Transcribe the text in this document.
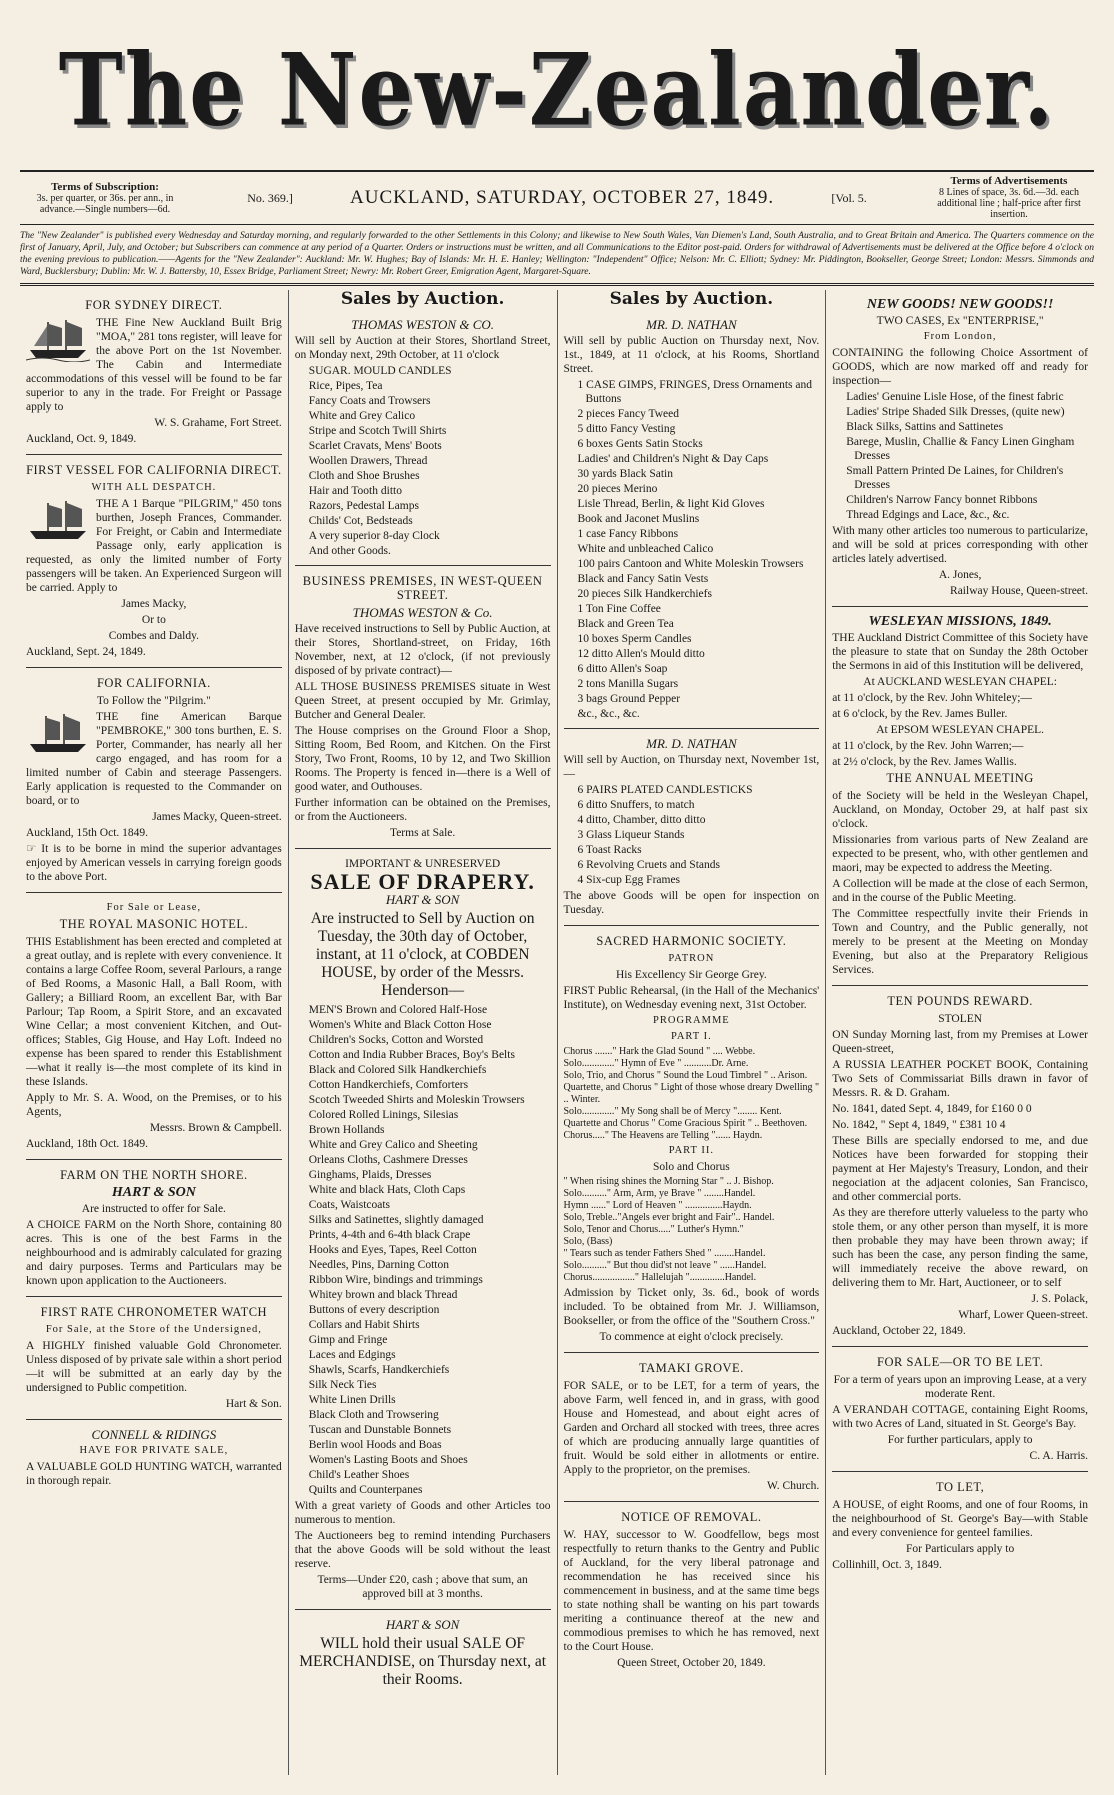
The New-Zealander.
Terms of Subscription:
3s. per quarter, or 36s. per ann., in advance.—Single numbers—6d.
No. 369.]	AUCKLAND, SATURDAY, OCTOBER 27, 1849.	[Vol. 5.
Terms of Advertisements
8 Lines of space, 3s. 6d.—3d. each additional line ; half-price after first insertion.
The "New Zealander" is published every Wednesday and Saturday morning, and regularly forwarded to the other Settlements in this Colony; and likewise to New South Wales, Van Diemen's Land, South Australia, and to Great Britain and America. The Quarters commence on the first of January, April, July, and October; but Subscribers can commence at any period of a Quarter. Orders or instructions must be written, and all Communications to the Editor post-paid. Orders for withdrawal of Advertisements must be delivered at the Office before 4 o'clock on the evening previous to publication.——Agents for the "New Zealander": Auckland: Mr. W. Hughes; Bay of Islands: Mr. H. E. Hanley; Wellington: "Independent" Office; Nelson: Mr. C. Elliott; Sydney: Mr. Piddington, Bookseller, George Street; London: Messrs. Simmonds and Ward, Bucklersbury; Dublin: Mr. W. J. Battersby, 10, Essex Bridge, Parliament Street; Newry: Mr. Robert Greer, Emigration Agent, Margaret-Square.
FOR SYDNEY DIRECT.
THE Fine New Auckland Built Brig "MOA," 281 tons register, will leave for the above Port on the 1st November. The Cabin and Intermediate accommodations of this vessel will be found to be far superior to any in the trade. For Freight or Passage apply to
W. S. Grahame, Fort Street.
Auckland, Oct. 9, 1849.
FIRST VESSEL FOR CALIFORNIA DIRECT.
WITH ALL DESPATCH.
THE A 1 Barque "PILGRIM," 450 tons burthen, Joseph Frances, Commander. For Freight, or Cabin and Intermediate Passage only, early application is requested, as only the limited number of Forty passengers will be taken. An Experienced Surgeon will be carried. Apply to
James Macky,
Or to
Combes and Daldy.
Auckland, Sept. 24, 1849.
FOR CALIFORNIA.
To Follow the "Pilgrim."
THE fine American Barque "PEMBROKE," 300 tons burthen, E. S. Porter, Commander, has nearly all her cargo engaged, and has room for a limited number of Cabin and steerage Passengers. Early application is requested to the Commander on board, or to
James Macky, Queen-street.
Auckland, 15th Oct. 1849.
☞ It is to be borne in mind the superior advantages enjoyed by American vessels in carrying foreign goods to the above Port.
For Sale or Lease,
THE ROYAL MASONIC HOTEL.
THIS Establishment has been erected and completed at a great outlay, and is replete with every convenience. It contains a large Coffee Room, several Parlours, a range of Bed Rooms, a Masonic Hall, a Ball Room, with Gallery; a Billiard Room, an excellent Bar, with Bar Parlour; Tap Room, a Spirit Store, and an excavated Wine Cellar; a most convenient Kitchen, and Out-offices; Stables, Gig House, and Hay Loft. Indeed no expense has been spared to render this Establishment—what it really is—the most complete of its kind in these Islands.
Apply to Mr. S. A. Wood, on the Premises, or to his Agents,
Messrs. Brown & Campbell.
Auckland, 18th Oct. 1849.
FARM ON THE NORTH SHORE.
HART & SON
Are instructed to offer for Sale.
A CHOICE FARM on the North Shore, containing 80 acres. This is one of the best Farms in the neighbourhood and is admirably calculated for grazing and dairy purposes. Terms and Particulars may be known upon application to the Auctioneers.
FIRST RATE CHRONOMETER WATCH
For Sale, at the Store of the Undersigned,
A HIGHLY finished valuable Gold Chronometer. Unless disposed of by private sale within a short period—it will be submitted at an early day by the undersigned to Public competition.
Hart & Son.
CONNELL & RIDINGS
HAVE FOR PRIVATE SALE,
A VALUABLE GOLD HUNTING WATCH, warranted in thorough repair.
Sales by Auction.
THOMAS WESTON & CO.
Will sell by Auction at their Stores, Shortland Street, on Monday next, 29th October, at 11 o'clock
SUGAR. MOULD CANDLES
Rice, Pipes, Tea
Fancy Coats and Trowsers
White and Grey Calico
Stripe and Scotch Twill Shirts
Scarlet Cravats, Mens' Boots
Woollen Drawers, Thread
Cloth and Shoe Brushes
Hair and Tooth ditto
Razors, Pedestal Lamps
Childs' Cot, Bedsteads
A very superior 8-day Clock
And other Goods.
BUSINESS PREMISES, IN WEST-QUEEN STREET.
THOMAS WESTON & Co.
Have received instructions to Sell by Public Auction, at their Stores, Shortland-street, on Friday, 16th November, next, at 12 o'clock, (if not previously disposed of by private contract)—
ALL THOSE BUSINESS PREMISES situate in West Queen Street, at present occupied by Mr. Grimlay, Butcher and General Dealer.
The House comprises on the Ground Floor a Shop, Sitting Room, Bed Room, and Kitchen. On the First Story, Two Front, Rooms, 10 by 12, and Two Skillion Rooms. The Property is fenced in—there is a Well of good water, and Outhouses.
Further information can be obtained on the Premises, or from the Auctioneers.
Terms at Sale.
IMPORTANT & UNRESERVED
SALE OF DRAPERY.
HART & SON
Are instructed to Sell by Auction on Tuesday, the 30th day of October, instant, at 11 o'clock, at COBDEN HOUSE, by order of the Messrs. Henderson—
MEN'S Brown and Colored Half-Hose
Women's White and Black Cotton Hose
Children's Socks, Cotton and Worsted
Cotton and India Rubber Braces, Boy's Belts
Black and Colored Silk Handkerchiefs
Cotton Handkerchiefs, Comforters
Scotch Tweeded Shirts and Moleskin Trowsers
Colored Rolled Linings, Silesias
Brown Hollands
White and Grey Calico and Sheeting
Orleans Cloths, Cashmere Dresses
Ginghams, Plaids, Dresses
White and black Hats, Cloth Caps
Coats, Waistcoats
Silks and Satinettes, slightly damaged
Prints, 4-4th and 6-4th black Crape
Hooks and Eyes, Tapes, Reel Cotton
Needles, Pins, Darning Cotton
Ribbon Wire, bindings and trimmings
Whitey brown and black Thread
Buttons of every description
Collars and Habit Shirts
Gimp and Fringe
Laces and Edgings
Shawls, Scarfs, Handkerchiefs
Silk Neck Ties
White Linen Drills
Black Cloth and Trowsering
Tuscan and Dunstable Bonnets
Berlin wool Hoods and Boas
Women's Lasting Boots and Shoes
Child's Leather Shoes
Quilts and Counterpanes
With a great variety of Goods and other Articles too numerous to mention.
The Auctioneers beg to remind intending Purchasers that the above Goods will be sold without the least reserve.
Terms—Under £20, cash ; above that sum, an approved bill at 3 months.
HART & SON
WILL hold their usual SALE OF MERCHANDISE, on Thursday next, at their Rooms.
Sales by Auction.
MR. D. NATHAN
Will sell by public Auction on Thursday next, Nov. 1st., 1849, at 11 o'clock, at his Rooms, Shortland Street.
1 CASE GIMPS, FRINGES, Dress Ornaments and Buttons
2 pieces Fancy Tweed
5 ditto Fancy Vesting
6 boxes Gents Satin Stocks
Ladies' and Children's Night & Day Caps
30 yards Black Satin
20 pieces Merino
Lisle Thread, Berlin, & light Kid Gloves
Book and Jaconet Muslins
1 case Fancy Ribbons
White and unbleached Calico
100 pairs Cantoon and White Moleskin Trowsers
Black and Fancy Satin Vests
20 pieces Silk Handkerchiefs
1 Ton Fine Coffee
Black and Green Tea
10 boxes Sperm Candles
12 ditto Allen's Mould ditto
6 ditto Allen's Soap
2 tons Manilla Sugars
3 bags Ground Pepper
&c., &c., &c.
MR. D. NATHAN
Will sell by Auction, on Thursday next, November 1st,—
6 PAIRS PLATED CANDLESTICKS
6 ditto Snuffers, to match
4 ditto, Chamber, ditto ditto
3 Glass Liqueur Stands
6 Toast Racks
6 Revolving Cruets and Stands
4 Six-cup Egg Frames
The above Goods will be open for inspection on Tuesday.
SACRED HARMONIC SOCIETY.
PATRON
His Excellency Sir George Grey.
FIRST Public Rehearsal, (in the Hall of the Mechanics' Institute), on Wednesday evening next, 31st October.
PROGRAMME
PART I.
Chorus ......." Hark the Glad Sound " .... Webbe.
Solo............." Hymn of Eve " ...........Dr. Arne.
Solo, Trio, and Chorus " Sound the Loud Timbrel " .. Arison.
Quartette, and Chorus " Light of those whose dreary Dwelling " .. Winter.
Solo............." My Song shall be of Mercy "........ Kent.
Quartette and Chorus " Come Gracious Spirit " .. Beethoven.
Chorus....." The Heavens are Telling "...... Haydn.
PART II.
Solo and Chorus
" When rising shines the Morning Star " .. J. Bishop.
Solo.........." Arm, Arm, ye Brave " ........Handel.
Hymn ......" Lord of Heaven " ...............Haydn.
Solo, Treble.."Angels ever bright and Fair".. Handel.
Solo, Tenor and Chorus....." Luther's Hymn."
Solo, (Bass)
" Tears such as tender Fathers Shed " ........Handel.
Solo.........." But thou did'st not leave " ......Handel.
Chorus................." Hallelujah "..............Handel.
Admission by Ticket only, 3s. 6d., book of words included. To be obtained from Mr. J. Williamson, Bookseller, or from the office of the "Southern Cross."
To commence at eight o'clock precisely.
TAMAKI GROVE.
FOR SALE, or to be LET, for a term of years, the above Farm, well fenced in, and in grass, with good House and Homestead, and about eight acres of Garden and Orchard all stocked with trees, three acres of which are producing annually large quantities of fruit. Would be sold either in allotments or entire. Apply to the proprietor, on the premises.
W. Church.
NOTICE OF REMOVAL.
W. HAY, successor to W. Goodfellow, begs most respectfully to return thanks to the Gentry and Public of Auckland, for the very liberal patronage and recommendation he has received since his commencement in business, and at the same time begs to state nothing shall be wanting on his part towards meriting a continuance thereof at the new and commodious premises to which he has removed, next to the Court House.
Queen Street, October 20, 1849.
NEW GOODS! NEW GOODS!!
TWO CASES, Ex "ENTERPRISE,"
From London,
CONTAINING the following Choice Assortment of GOODS, which are now marked off and ready for inspection—
Ladies' Genuine Lisle Hose, of the finest fabric
Ladies' Stripe Shaded Silk Dresses, (quite new)
Black Silks, Sattins and Sattinetes
Barege, Muslin, Challie & Fancy Linen Gingham Dresses
Small Pattern Printed De Laines, for Children's Dresses
Children's Narrow Fancy bonnet Ribbons
Thread Edgings and Lace, &c., &c.
With many other articles too numerous to particularize, and will be sold at prices corresponding with other articles lately advertised.
A. Jones,
Railway House, Queen-street.
WESLEYAN MISSIONS, 1849.
THE Auckland District Committee of this Society have the pleasure to state that on Sunday the 28th October the Sermons in aid of this Institution will be delivered,
At AUCKLAND WESLEYAN CHAPEL:
at 11 o'clock, by the Rev. John Whiteley;—
at 6 o'clock, by the Rev. James Buller.
At EPSOM WESLEYAN CHAPEL.
at 11 o'clock, by the Rev. John Warren;—
at 2½ o'clock, by the Rev. James Wallis.
THE ANNUAL MEETING
of the Society will be held in the Wesleyan Chapel, Auckland, on Monday, October 29, at half past six o'clock.
Missionaries from various parts of New Zealand are expected to be present, who, with other gentlemen and maori, may be expected to address the Meeting.
A Collection will be made at the close of each Sermon, and in the course of the Public Meeting.
The Committee respectfully invite their Friends in Town and Country, and the Public generally, not merely to be present at the Meeting on Monday Evening, but also at the Preparatory Religious Services.
TEN POUNDS REWARD.
STOLEN
ON Sunday Morning last, from my Premises at Lower Queen-street,
A RUSSIA LEATHER POCKET BOOK, Containing Two Sets of Commissariat Bills drawn in favor of Messrs. R. & D. Graham.
No. 1841, dated Sept. 4, 1849, for £160 0 0
No. 1842, " Sept 4, 1849, " £381 10 4
These Bills are specially endorsed to me, and due Notices have been forwarded for stopping their payment at Her Majesty's Treasury, London, and their negociation at the adjacent colonies, San Francisco, and other commercial ports.
As they are therefore utterly valueless to the party who stole them, or any other person than myself, it is more then probable they may have been thrown away; if such has been the case, any person finding the same, will immediately receive the above reward, on delivering them to Mr. Hart, Auctioneer, or to self
J. S. Polack,
Wharf, Lower Queen-street.
Auckland, October 22, 1849.
FOR SALE—OR TO BE LET.
For a term of years upon an improving Lease, at a very moderate Rent.
A VERANDAH COTTAGE, containing Eight Rooms, with two Acres of Land, situated in St. George's Bay.
For further particulars, apply to
C. A. Harris.
TO LET,
A HOUSE, of eight Rooms, and one of four Rooms, in the neighbourhood of St. George's Bay—with Stable and every convenience for genteel families.
For Particulars apply to
Collinhill, Oct. 3, 1849.
